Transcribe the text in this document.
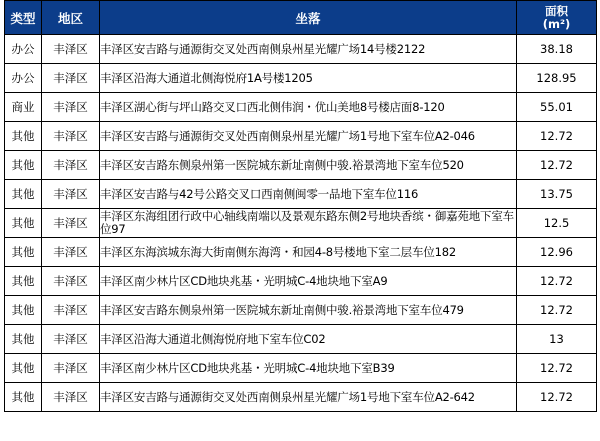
类型	地区	坐落	面积
(m²)

办公	丰泽区	丰泽区安吉路与通源街交叉处西南侧泉州星光耀广场14号楼2122	38.18
办公	丰泽区	丰泽区沿海大通道北侧海悦府1A号楼1205	128.95
商业	丰泽区	丰泽区湖心街与坪山路交叉口西北侧伟润・优山美地8号楼店面8-120	55.01
其他	丰泽区	丰泽区安吉路与通源街交叉处西南侧泉州星光耀广场1号地下室车位A2-046	12.72
其他	丰泽区	丰泽区安吉路东侧泉州第一医院城东新址南侧中骏.裕景湾地下室车位520	12.72
其他	丰泽区	丰泽区安吉路与42号公路交叉口西南侧闽零一品地下室车位116	13.75
其他	丰泽区	丰泽区东海组团行政中心轴线南端以及景观东路东侧2号地块香缤・御嘉苑地下室车位97	12.5
其他	丰泽区	丰泽区东海滨城东海大街南侧东海湾・和园4-8号楼地下室二层车位182	12.96
其他	丰泽区	丰泽区南少林片区CD地块兆基・光明城C-4地块地下室A9	12.72
其他	丰泽区	丰泽区安吉路东侧泉州第一医院城东新址南侧中骏.裕景湾地下室车位479	12.72
其他	丰泽区	丰泽区沿海大通道北侧海悦府地下室车位C02	13
其他	丰泽区	丰泽区南少林片区CD地块兆基・光明城C-4地块地下室B39	12.72
其他	丰泽区	丰泽区安吉路与通源街交叉处西南侧泉州星光耀广场1号地下室车位A2-642	12.72
